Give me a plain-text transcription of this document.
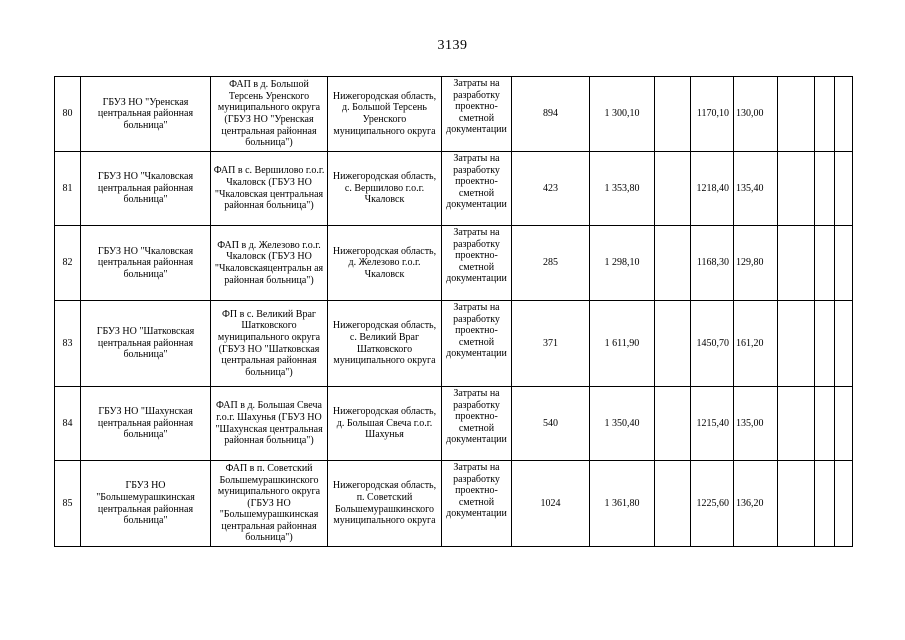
3139
80	ГБУЗ НО "Уренская центральная районная больница"	ФАП в д. Большой Терсень Уренского муниципального округа (ГБУЗ НО "Уренская центральная районная больница")	Нижегородская область, д. Большой Терсень Уренского муниципального округа	Затраты на разработку проектно-сметной документации	894	1 300,10		1170,10	130,00			
81	ГБУЗ НО "Чкаловская центральная районная больница"	ФАП в с. Вершилово г.о.г. Чкаловск (ГБУЗ НО "Чкаловская центральная районная больница")	Нижегородская область, с. Вершилово г.о.г. Чкаловск	Затраты на разработку проектно-сметной документации	423	1 353,80		1218,40	135,40			
82	ГБУЗ НО "Чкаловская центральная районная больница"	ФАП в д. Железово г.о.г. Чкаловск (ГБУЗ НО "Чкаловскаяцентральн ая районная больница")	Нижегородская область, д. Железово г.о.г. Чкаловск	Затраты на разработку проектно-сметной документации	285	1 298,10		1168,30	129,80			
83	ГБУЗ НО "Шатковская центральная районная больница"	ФП в с. Великий Враг Шатковского муниципального округа (ГБУЗ НО "Шатковская центральная районная больница")	Нижегородская область, с. Великий Враг Шатковского муниципального округа	Затраты на разработку проектно-сметной документации	371	1 611,90		1450,70	161,20			
84	ГБУЗ НО "Шахунская центральная районная больница"	ФАП в д. Большая Свеча г.о.г. Шахунья (ГБУЗ НО "Шахунская центральная районная больница")	Нижегородская область, д. Большая Свеча г.о.г. Шахунья	Затраты на разработку проектно-сметной документации	540	1 350,40		1215,40	135,00			
85	ГБУЗ НО "Большемурашкинская центральная районная больница"	ФАП в п. Советский Большемурашкинского муниципального округа (ГБУЗ НО "Большемурашкинская центральная районная больница")	Нижегородская область, п. Советский Большемурашкинского муниципального округа	Затраты на разработку проектно-сметной документации	1024	1 361,80		1225,60	136,20			
